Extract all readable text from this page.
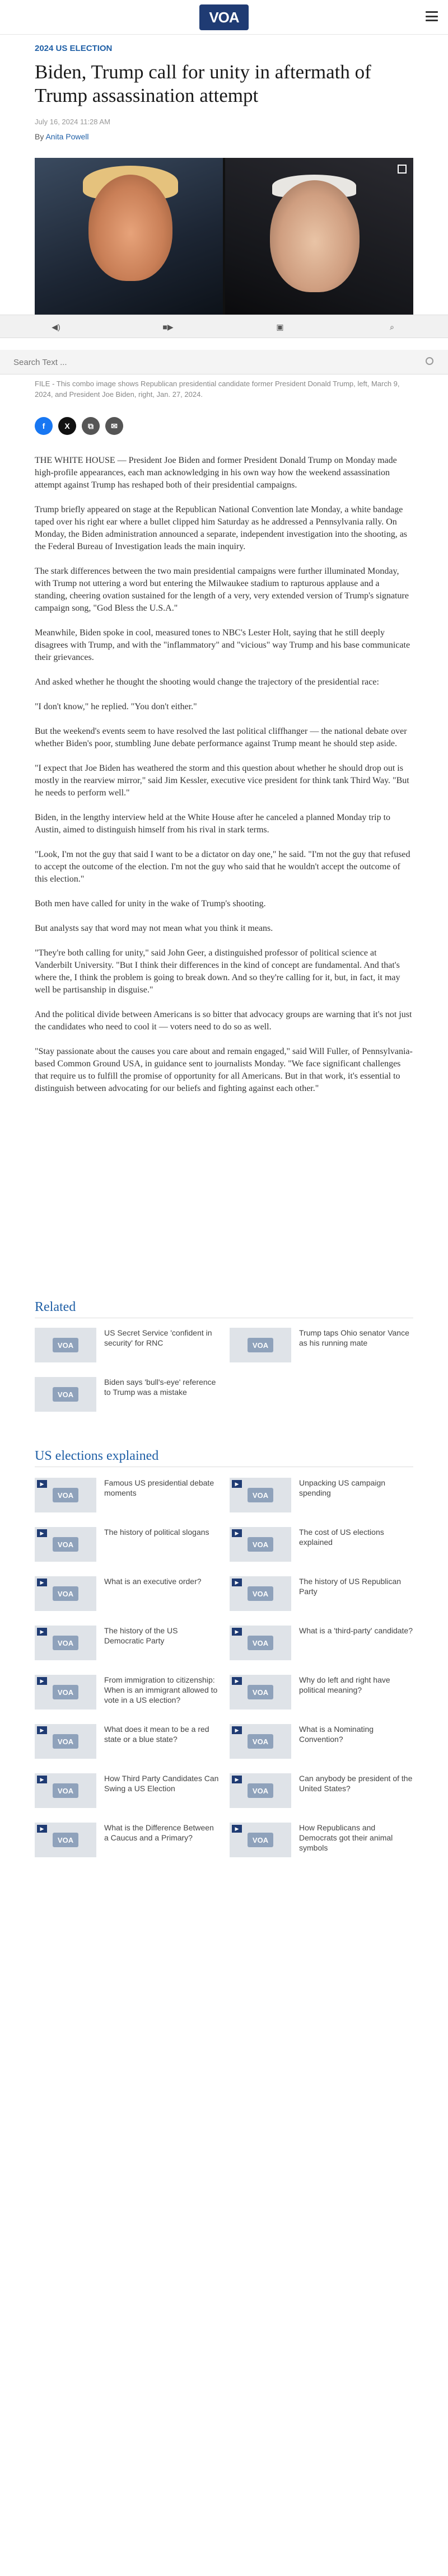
VOA
2024 US ELECTION
Biden, Trump call for unity in aftermath of Trump assassination attempt
July 16, 2024 11:28 AM
By Anita Powell
◀)	■▶	▣	⌕
Search Text ...
FILE - This combo image shows Republican presidential candidate former President Donald Trump, left, March 9, 2024, and President Joe Biden, right, Jan. 27, 2024.
f	X	⧉	✉

THE WHITE HOUSE — President Joe Biden and former President Donald Trump on Monday made high-profile appearances, each man acknowledging in his own way how the weekend assassination attempt against Trump has reshaped both of their presidential campaigns.

Trump briefly appeared on stage at the Republican National Convention late Monday, a white bandage taped over his right ear where a bullet clipped him Saturday as he addressed a Pennsylvania rally. On Monday, the Biden administration announced a separate, independent investigation into the shooting, as the Federal Bureau of Investigation leads the main inquiry.

The stark differences between the two main presidential campaigns were further illuminated Monday, with Trump not uttering a word but entering the Milwaukee stadium to rapturous applause and a standing, cheering ovation sustained for the length of a very, very extended version of Trump's signature campaign song, "God Bless the U.S.A."

Meanwhile, Biden spoke in cool, measured tones to NBC's Lester Holt, saying that he still deeply disagrees with Trump, and with the "inflammatory" and "vicious" way Trump and his base communicate their grievances.

And asked whether he thought the shooting would change the trajectory of the presidential race:

"I don't know," he replied. "You don't either."

But the weekend's events seem to have resolved the last political cliffhanger — the national debate over whether Biden's poor, stumbling June debate performance against Trump meant he should step aside.

"I expect that Joe Biden has weathered the storm and this question about whether he should drop out is mostly in the rearview mirror," said Jim Kessler, executive vice president for think tank Third Way. "But he needs to perform well."

Biden, in the lengthy interview held at the White House after he canceled a planned Monday trip to Austin, aimed to distinguish himself from his rival in stark terms.

"Look, I'm not the guy that said I want to be a dictator on day one," he said. "I'm not the guy that refused to accept the outcome of the election. I'm not the guy who said that he wouldn't accept the outcome of this election."

Both men have called for unity in the wake of Trump's shooting.

But analysts say that word may not mean what you think it means.

"They're both calling for unity," said John Geer, a distinguished professor of political science at Vanderbilt University. "But I think their differences in the kind of concept are fundamental. And that's where the, I think the problem is going to break down. And so they're calling for it, but, in fact, it may well be partisanship in disguise."

And the political divide between Americans is so bitter that advocacy groups are warning that it's not just the candidates who need to cool it — voters need to do so as well.

"Stay passionate about the causes you care about and remain engaged," said Will Fuller, of Pennsylvania-based Common Ground USA, in guidance sent to journalists Monday. "We face significant challenges that require us to fulfill the promise of opportunity for all Americans. But in that work, it's essential to distinguish between advocating for our beliefs and fighting against each other."

Related
VOA
US Secret Service 'confident in security' for RNC	VOA
Trump taps Ohio senator Vance as his running mate
VOA
Biden says 'bull's-eye' reference to Trump was a mistake
US elections explained
VOA
▶	Famous US presidential debate moments	VOA
▶	Unpacking US campaign spending
VOA
▶	The history of political slogans
VOA
▶	The cost of US elections explained
VOA
▶	What is an executive order?
VOA
▶	The history of US Republican Party
VOA
▶	The history of the US Democratic Party	VOA
▶	What is a 'third-party' candidate?
VOA
▶	From immigration to citizenship: When is an immigrant allowed to vote in a US election?
VOA
▶	Why do left and right have political meaning?
VOA
▶	What does it mean to be a red state or a blue state?	VOA
▶	What is a Nominating Convention?
VOA
▶	How Third Party Candidates Can Swing a US Election	VOA
▶	Can anybody be president of the United States?
VOA
▶	What is the Difference Between a Caucus and a Primary?	VOA
▶	How Republicans and Democrats got their animal symbols
